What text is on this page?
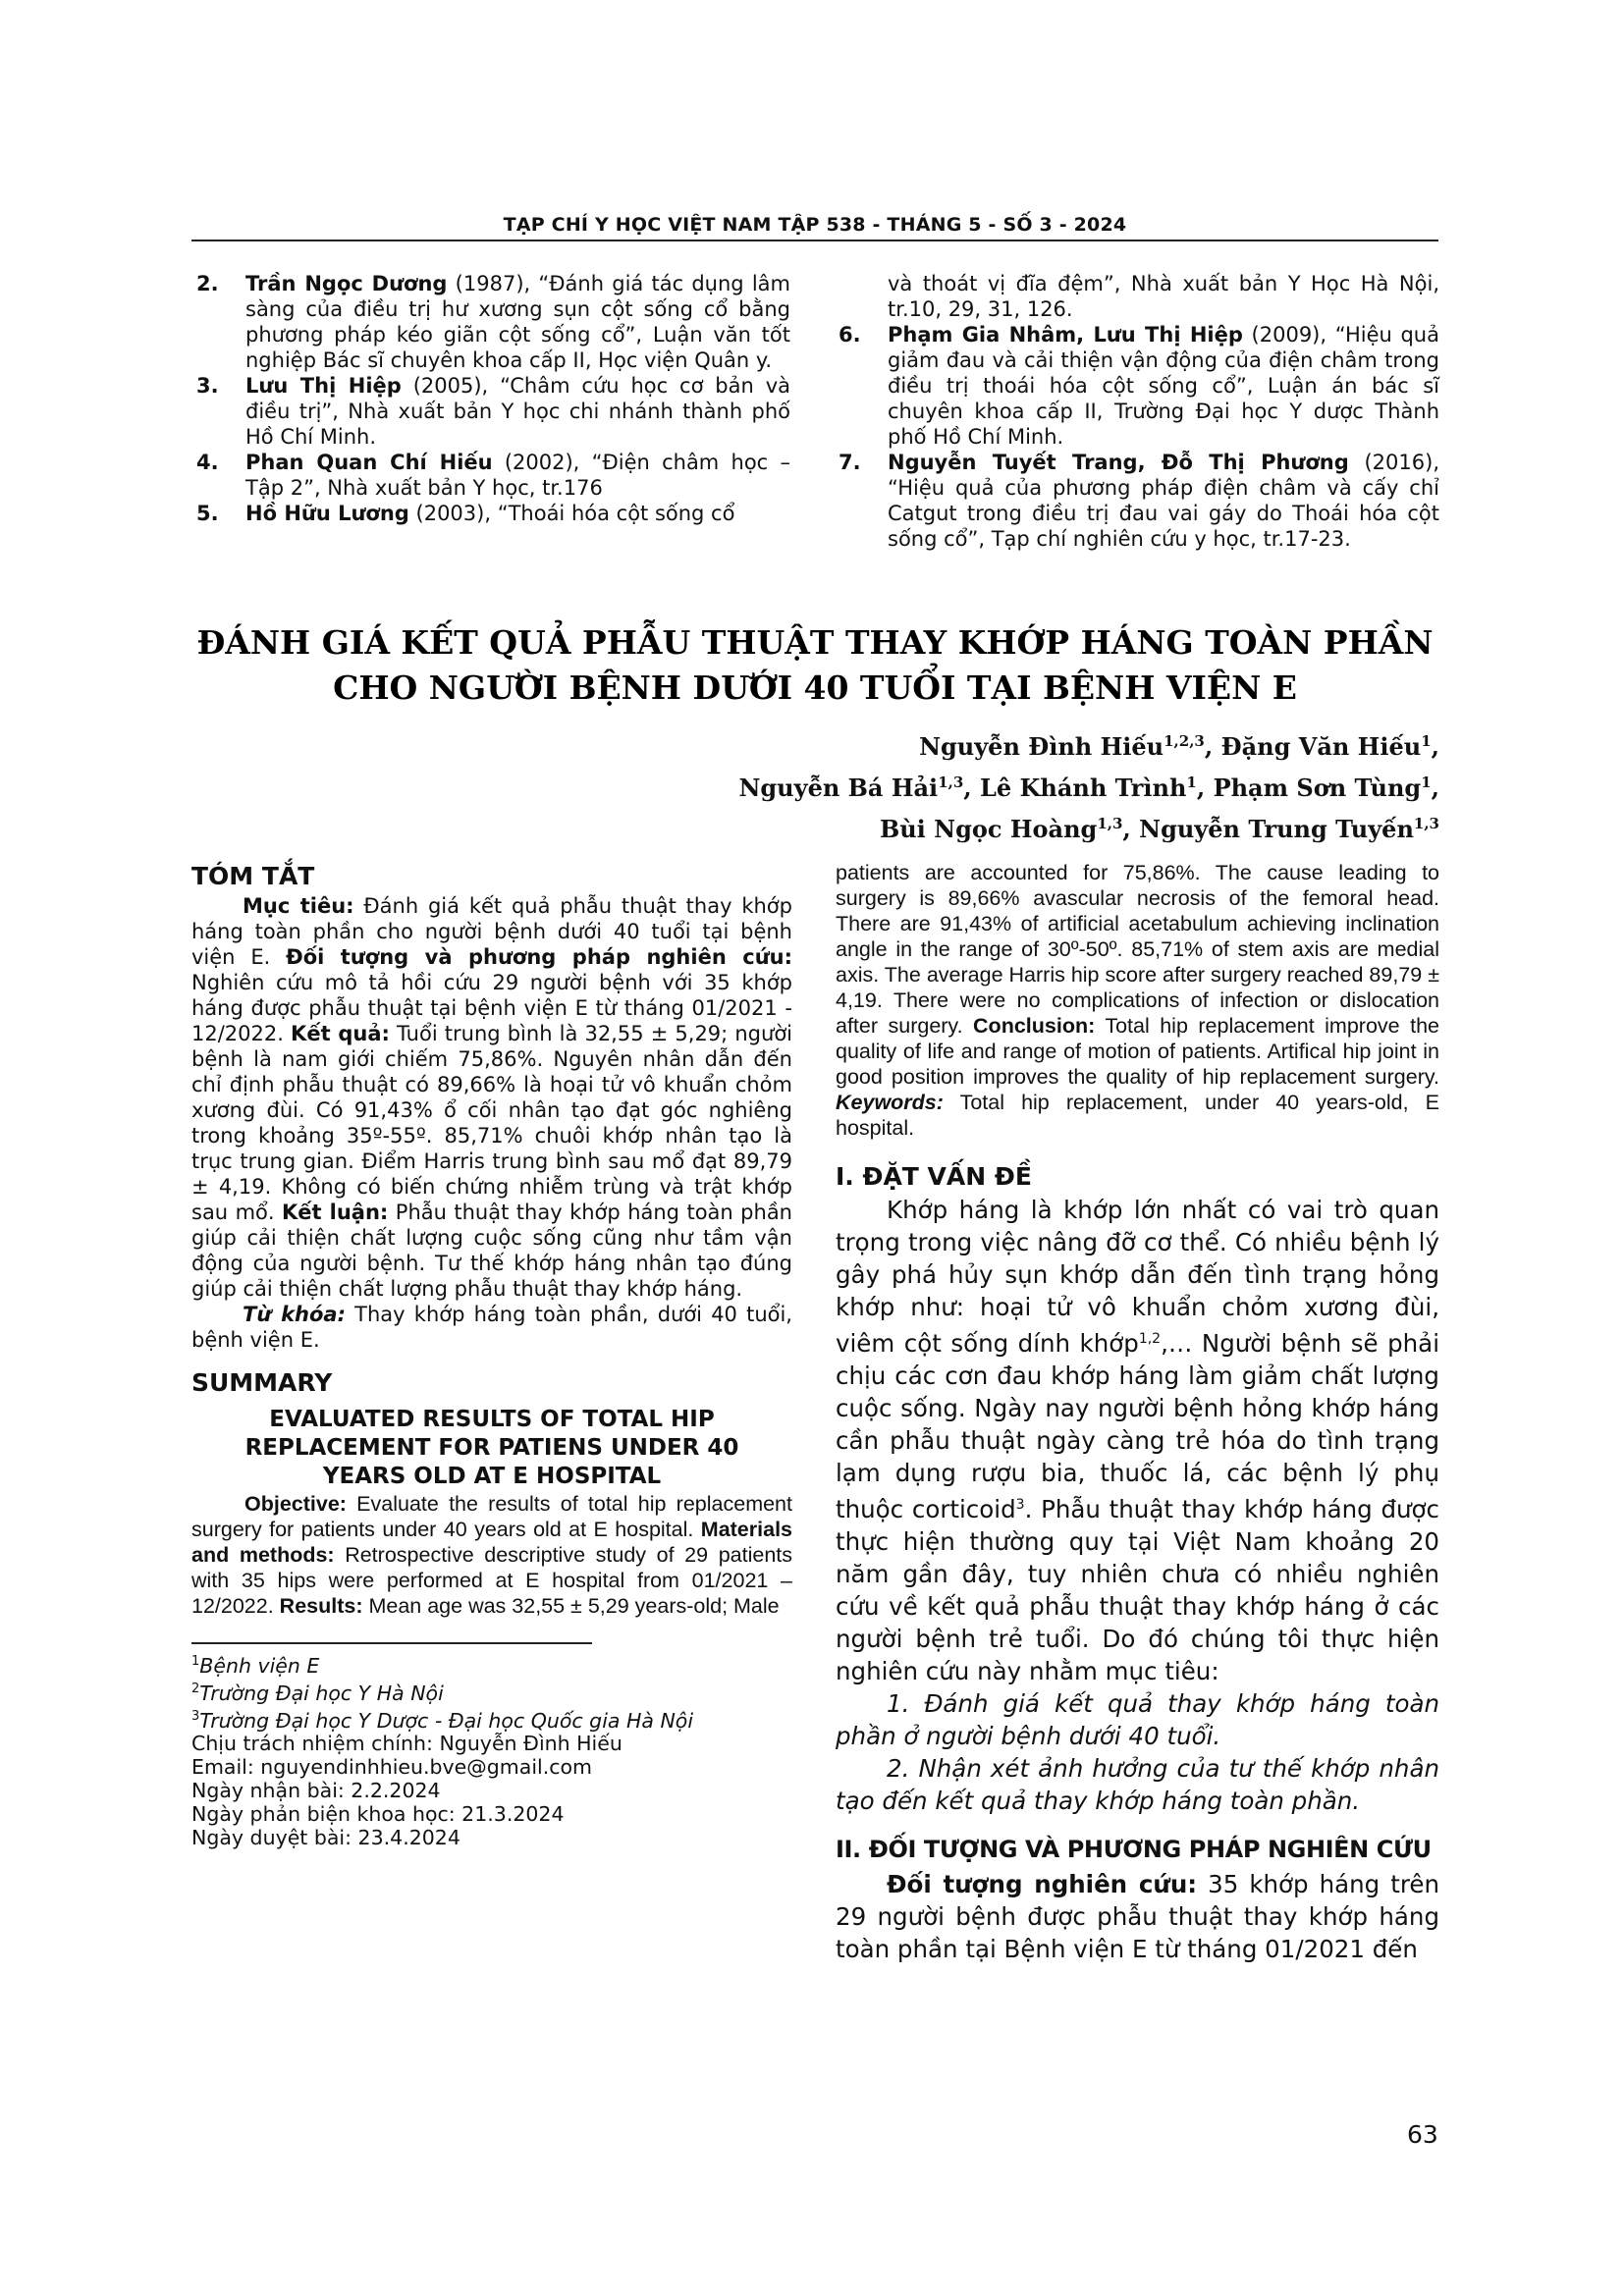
TẠP CHÍ Y HỌC VIỆT NAM TẬP 538 - THÁNG 5 - SỐ 3 - 2024
2. Trần Ngọc Dương (1987), “Đánh giá tác dụng lâm sàng của điều trị hư xương sụn cột sống cổ bằng phương pháp kéo giãn cột sống cổ”, Luận văn tốt nghiệp Bác sĩ chuyên khoa cấp II, Học viện Quân y.
3. Lưu Thị Hiệp (2005), “Châm cứu học cơ bản và điều trị”, Nhà xuất bản Y học chi nhánh thành phố Hồ Chí Minh.
4. Phan Quan Chí Hiếu (2002), “Điện châm học – Tập 2”, Nhà xuất bản Y học, tr.176
5. Hồ Hữu Lương (2003), “Thoái hóa cột sống cổ
và thoát vị đĩa đệm”, Nhà xuất bản Y Học Hà Nội, tr.10, 29, 31, 126.
6. Phạm Gia Nhâm, Lưu Thị Hiệp (2009), “Hiệu quả giảm đau và cải thiện vận động của điện châm trong điều trị thoái hóa cột sống cổ”, Luận án bác sĩ chuyên khoa cấp II, Trường Đại học Y dược Thành phố Hồ Chí Minh.
7. Nguyễn Tuyết Trang, Đỗ Thị Phương (2016), “Hiệu quả của phương pháp điện châm và cấy chỉ Catgut trong điều trị đau vai gáy do Thoái hóa cột sống cổ”, Tạp chí nghiên cứu y học, tr.17-23.
ĐÁNH GIÁ KẾT QUẢ PHẪU THUẬT THAY KHỚP HÁNG TOÀN PHẦN
CHO NGƯỜI BỆNH DƯỚI 40 TUỔI TẠI BỆNH VIỆN E
Nguyễn Đình Hiếu$^{1,2,3}$, Đặng Văn Hiếu$^1$,
Nguyễn Bá Hải$^{1,3}$, Lê Khánh Trình$^1$, Phạm Sơn Tùng$^1$,
Bùi Ngọc Hoàng$^{1,3}$, Nguyễn Trung Tuyến$^{1,3}$
TÓM TẮT

Mục tiêu: Đánh giá kết quả phẫu thuật thay khớp háng toàn phần cho người bệnh dưới 40 tuổi tại bệnh viện E. Đối tượng và phương pháp nghiên cứu: Nghiên cứu mô tả hồi cứu 29 người bệnh với 35 khớp háng được phẫu thuật tại bệnh viện E từ tháng 01/2021 - 12/2022. Kết quả: Tuổi trung bình là 32,55 ± 5,29; người bệnh là nam giới chiếm 75,86%. Nguyên nhân dẫn đến chỉ định phẫu thuật có 89,66% là hoại tử vô khuẩn chỏm xương đùi. Có 91,43% ổ cối nhân tạo đạt góc nghiêng trong khoảng 35º-55º. 85,71% chuôi khớp nhân tạo là trục trung gian. Điểm Harris trung bình sau mổ đạt 89,79 ± 4,19. Không có biến chứng nhiễm trùng và trật khớp sau mổ. Kết luận: Phẫu thuật thay khớp háng toàn phần giúp cải thiện chất lượng cuộc sống cũng như tầm vận động của người bệnh. Tư thế khớp háng nhân tạo đúng giúp cải thiện chất lượng phẫu thuật thay khớp háng.

Từ khóa: Thay khớp háng toàn phần, dưới 40 tuổi, bệnh viện E.

SUMMARY
EVALUATED RESULTS OF TOTAL HIP
REPLACEMENT FOR PATIENS UNDER 40
YEARS OLD AT E HOSPITAL

Objective: Evaluate the results of total hip replacement surgery for patients under 40 years old at E hospital. Materials and methods: Retrospective descriptive study of 29 patients with 35 hips were performed at E hospital from 01/2021 – 12/2022. Results: Mean age was 32,55 ± 5,29 years-old; Male

$^1$Bệnh viện E

$^2$Trường Đại học Y Hà Nội

$^3$Trường Đại học Y Dược - Đại học Quốc gia Hà Nội

Chịu trách nhiệm chính: Nguyễn Đình Hiếu

Email: nguyendinhhieu.bve@gmail.com

Ngày nhận bài: 2.2.2024

Ngày phản biện khoa học: 21.3.2024

Ngày duyệt bài: 23.4.2024

patients are accounted for 75,86%. The cause leading to surgery is 89,66% avascular necrosis of the femoral head. There are 91,43% of artificial acetabulum achieving inclination angle in the range of 30º-50º. 85,71% of stem axis are medial axis. The average Harris hip score after surgery reached 89,79 ± 4,19. There were no complications of infection or dislocation after surgery. Conclusion: Total hip replacement improve the quality of life and range of motion of patients. Artifical hip joint in good position improves the quality of hip replacement surgery. Keywords: Total hip replacement, under 40 years-old, E hospital.

I. ĐẶT VẤN ĐỀ

Khớp háng là khớp lớn nhất có vai trò quan trọng trong việc nâng đỡ cơ thể. Có nhiều bệnh lý gây phá hủy sụn khớp dẫn đến tình trạng hỏng khớp như: hoại tử vô khuẩn chỏm xương đùi, viêm cột sống dính khớp$^{1,2}$,… Người bệnh sẽ phải chịu các cơn đau khớp háng làm giảm chất lượng cuộc sống. Ngày nay người bệnh hỏng khớp háng cần phẫu thuật ngày càng trẻ hóa do tình trạng lạm dụng rượu bia, thuốc lá, các bệnh lý phụ thuộc corticoid$^3$. Phẫu thuật thay khớp háng được thực hiện thường quy tại Việt Nam khoảng 20 năm gần đây, tuy nhiên chưa có nhiều nghiên cứu về kết quả phẫu thuật thay khớp háng ở các người bệnh trẻ tuổi. Do đó chúng tôi thực hiện nghiên cứu này nhằm mục tiêu:

1. Đánh giá kết quả thay khớp háng toàn phần ở người bệnh dưới 40 tuổi.

2. Nhận xét ảnh hưởng của tư thế khớp nhân tạo đến kết quả thay khớp háng toàn phần.

II. ĐỐI TƯỢNG VÀ PHƯƠNG PHÁP NGHIÊN CỨU

Đối tượng nghiên cứu: 35 khớp háng trên 29 người bệnh được phẫu thuật thay khớp háng toàn phần tại Bệnh viện E từ tháng 01/2021 đến

63
